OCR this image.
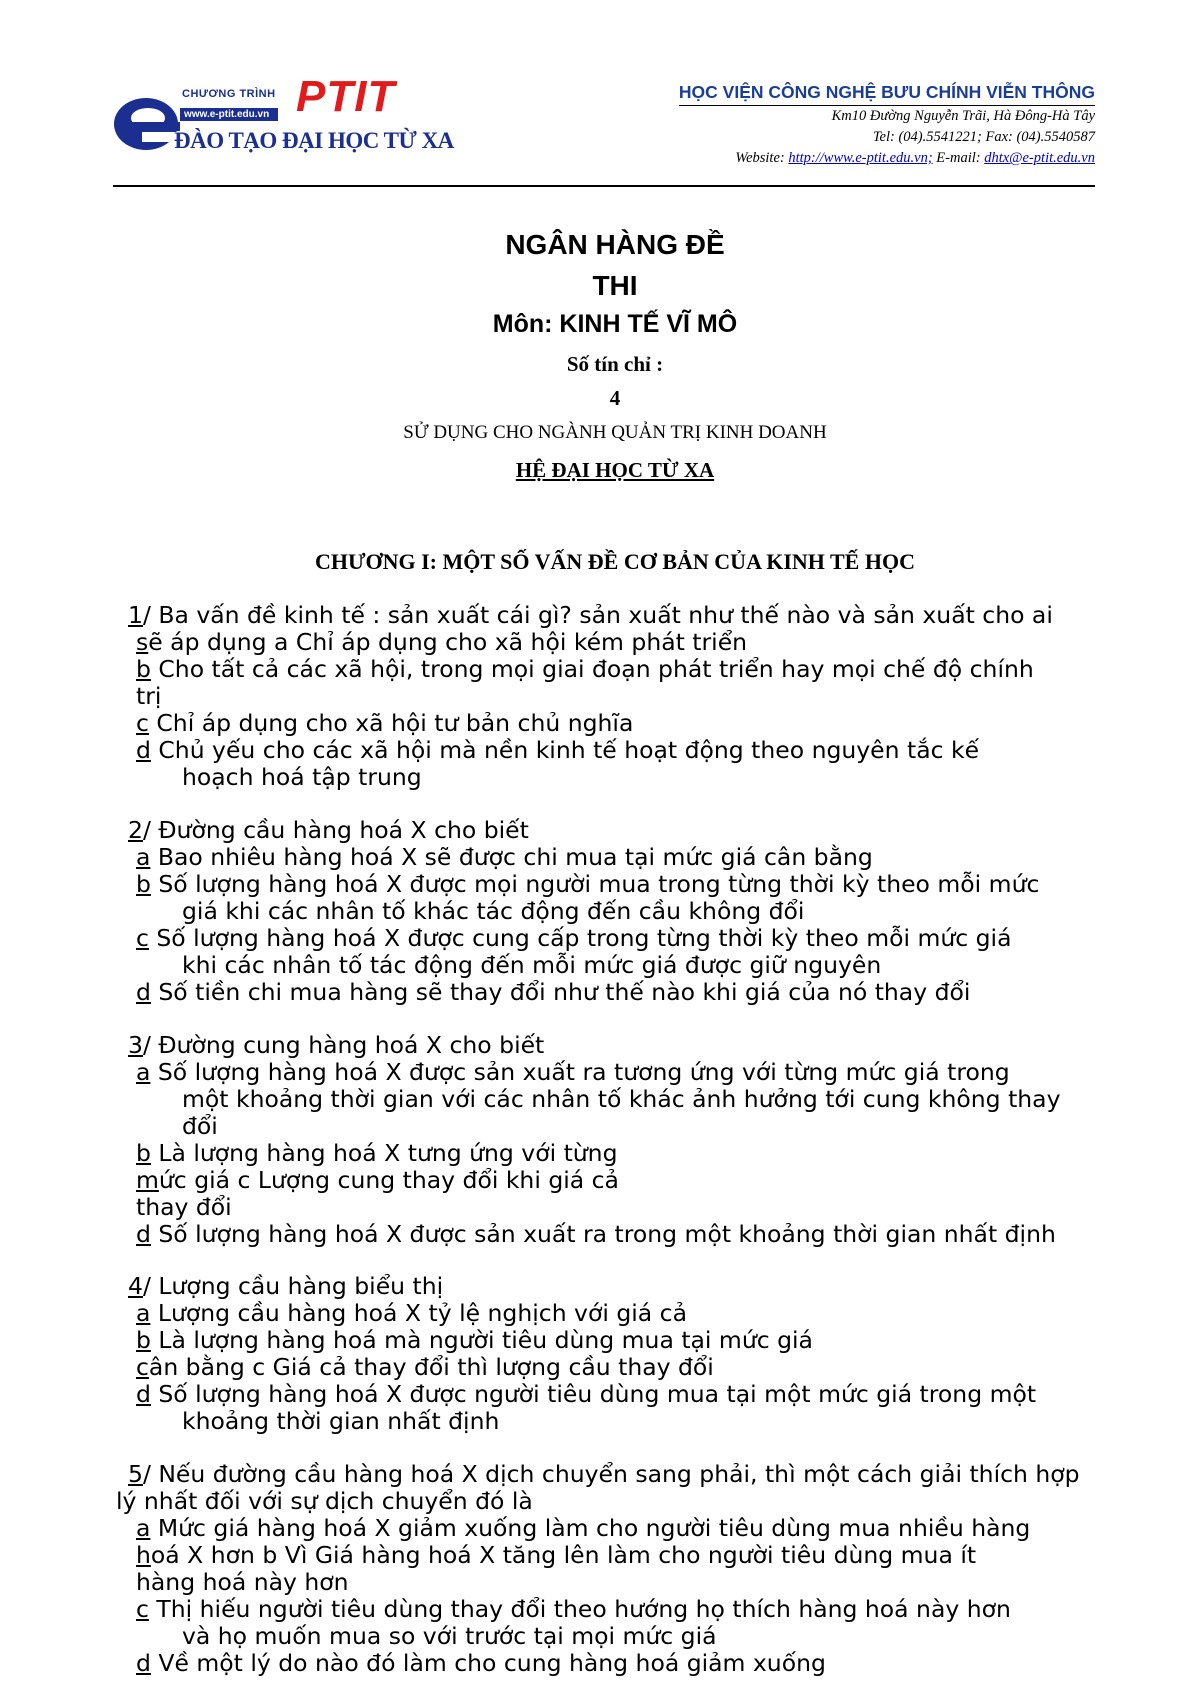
CHƯƠNG TRÌNH
www.e-ptit.edu.vn PTIT
ĐÀO TẠO ĐẠI HỌC TỪ XA
HỌC VIỆN CÔNG NGHỆ BƯU CHÍNH VIỄN THÔNG
Km10 Đường Nguyễn Trãi, Hà Đông-Hà Tây
Tel: (04).5541221; Fax: (04).5540587
Website: http://www.e-ptit.edu.vn; E-mail: dhtx@e-ptit.edu.vn
NGÂN HÀNG ĐỀ
THI
Môn: KINH TẾ VĨ MÔ
Số tín chỉ :
4
SỬ DỤNG CHO NGÀNH QUẢN TRỊ KINH DOANH
HỆ ĐẠI HỌC TỪ XA
CHƯƠNG I: MỘT SỐ VẤN ĐỀ CƠ BẢN CỦA KINH TẾ HỌC
1/ Ba vấn đề kinh tế : sản xuất cái gì? sản xuất như thế nào và sản xuất cho ai
sẽ áp dụng a Chỉ áp dụng cho xã hội kém phát triển
b Cho tất cả các xã hội, trong mọi giai đoạn phát triển hay mọi chế độ chính
trị
c Chỉ áp dụng cho xã hội tư bản chủ nghĩa
d Chủ yếu cho các xã hội mà nền kinh tế hoạt động theo nguyên tắc kế
hoạch hoá tập trung
2/ Đường cầu hàng hoá X cho biết
a Bao nhiêu hàng hoá X sẽ được chi mua tại mức giá cân bằng
b Số lượng hàng hoá X được mọi người mua trong từng thời kỳ theo mỗi mức
giá khi các nhân tố khác tác động đến cầu không đổi
c Số lượng hàng hoá X được cung cấp trong từng thời kỳ theo mỗi mức giá
khi các nhân tố tác động đến mỗi mức giá được giữ nguyên
d Số tiền chi mua hàng sẽ thay đổi như thế nào khi giá của nó thay đổi
3/ Đường cung hàng hoá X cho biết
a Số lượng hàng hoá X được sản xuất ra tương ứng với từng mức giá trong
một khoảng thời gian với các nhân tố khác ảnh hưởng tới cung không thay
đổi
b Là lượng hàng hoá X tưng ứng với từng
mức giá c Lượng cung thay đổi khi giá cả
thay đổi
d Số lượng hàng hoá X được sản xuất ra trong một khoảng thời gian nhất định
4/ Lượng cầu hàng biểu thị
a Lượng cầu hàng hoá X tỷ lệ nghịch với giá cả
b Là lượng hàng hoá mà người tiêu dùng mua tại mức giá
cân bằng c Giá cả thay đổi thì lượng cầu thay đổi
d Số lượng hàng hoá X được người tiêu dùng mua tại một mức giá trong một
khoảng thời gian nhất định
5/ Nếu đường cầu hàng hoá X dịch chuyển sang phải, thì một cách giải thích hợp
lý nhất đối với sự dịch chuyển đó là
a Mức giá hàng hoá X giảm xuống làm cho người tiêu dùng mua nhiều hàng
hoá X hơn b Vì Giá hàng hoá X tăng lên làm cho người tiêu dùng mua ít
hàng hoá này hơn
c Thị hiếu người tiêu dùng thay đổi theo hướng họ thích hàng hoá này hơn
và họ muốn mua so với trước tại mọi mức giá
d Về một lý do nào đó làm cho cung hàng hoá giảm xuống
